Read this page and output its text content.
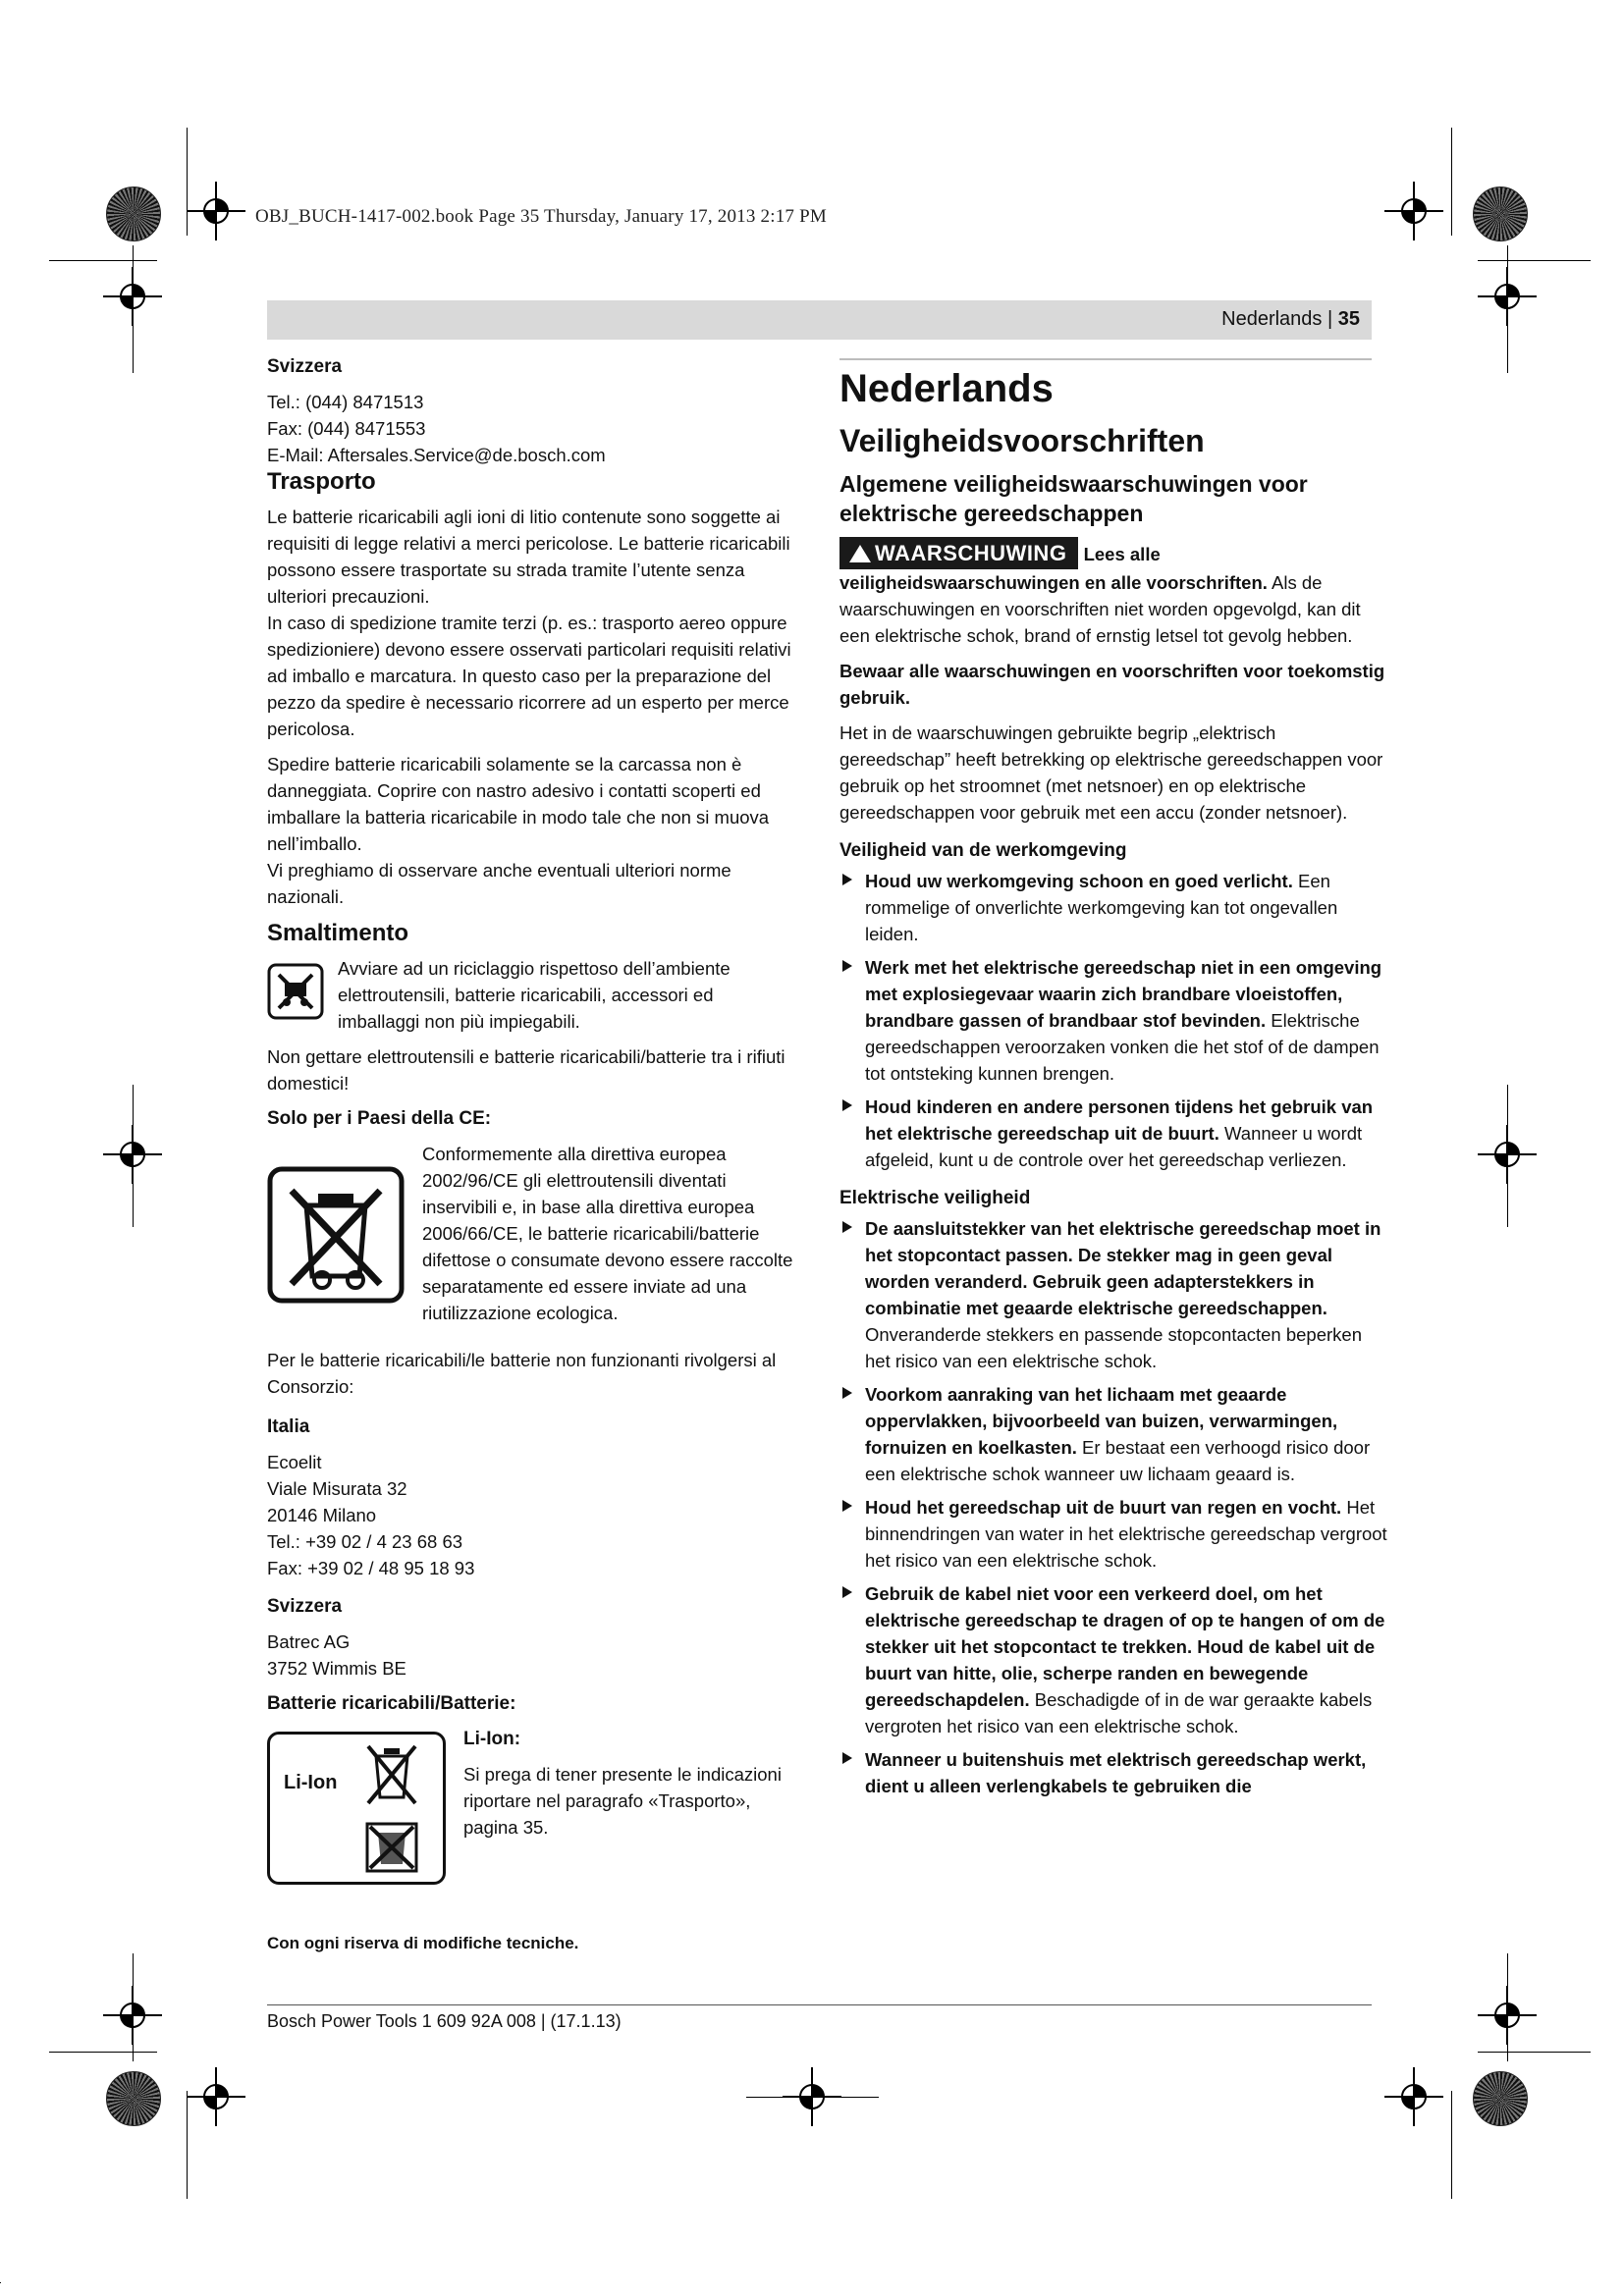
OBJ_BUCH-1417-002.book Page 35 Thursday, January 17, 2013 2:17 PM
Nederlands | 35

Svizzera

Tel.: (044) 8471513

Fax: (044) 8471553

E-Mail: Aftersales.Service@de.bosch.com

Trasporto

Le batterie ricaricabili agli ioni di litio contenute sono soggette ai requisiti di legge relativi a merci pericolose. Le batterie ricaricabili possono essere trasportate su strada tramite l’utente senza ulteriori precauzioni.

In caso di spedizione tramite terzi (p. es.: trasporto aereo oppure spedizioniere) devono essere osservati particolari requisiti relativi ad imballo e marcatura. In questo caso per la preparazione del pezzo da spedire è necessario ricorrere ad un esperto per merce pericolosa.

Spedire batterie ricaricabili solamente se la carcassa non è danneggiata. Coprire con nastro adesivo i contatti scoperti ed imballare la batteria ricaricabile in modo tale che non si muova nell’imballo.

Vi preghiamo di osservare anche eventuali ulteriori norme nazionali.

Smaltimento

Avviare ad un riciclaggio rispettoso dell’ambiente elettroutensili, batterie ricaricabili, accessori ed imballaggi non più impiegabili.

Non gettare elettroutensili e batterie ricaricabili/batterie tra i rifiuti domestici!

Solo per i Paesi della CE:

Conformemente alla direttiva europea 2002/96/CE gli elettroutensili diventati inservibili e, in base alla direttiva europea 2006/66/CE, le batterie ricaricabili/batterie difettose o consumate devono essere raccolte separatamente ed essere inviate ad una riutilizzazione ecologica.

Per le batterie ricaricabili/le batterie non funzionanti rivolgersi al Consorzio:

Italia

Ecoelit

Viale Misurata 32

20146 Milano

Tel.: +39 02 / 4 23 68 63

Fax: +39 02 / 48 95 18 93

Svizzera

Batrec AG

3752 Wimmis BE

Batterie ricaricabili/Batterie:

Li-Ion

Li-Ion:

Si prega di tener presente le indicazioni riportare nel paragrafo «Trasporto», pagina 35.

Con ogni riserva di modifiche tecniche.

Nederlands

Veiligheidsvoorschriften

Algemene veiligheidswaarschuwingen voor elektrische gereedschappen

WAARSCHUWING Lees alle veiligheidswaarschuwingen en alle voorschriften. Als de waarschuwingen en voorschriften niet worden opgevolgd, kan dit een elektrische schok, brand of ernstig letsel tot gevolg hebben.

Bewaar alle waarschuwingen en voorschriften voor toekomstig gebruik.

Het in de waarschuwingen gebruikte begrip „elektrisch gereedschap” heeft betrekking op elektrische gereedschappen voor gebruik op het stroomnet (met netsnoer) en op elektrische gereedschappen voor gebruik met een accu (zonder netsnoer).

Veiligheid van de werkomgeving

Houd uw werkomgeving schoon en goed verlicht. Een rommelige of onverlichte werkomgeving kan tot ongevallen leiden.
Werk met het elektrische gereedschap niet in een omgeving met explosiegevaar waarin zich brandbare vloeistoffen, brandbare gassen of brandbaar stof bevinden. Elektrische gereedschappen veroorzaken vonken die het stof of de dampen tot ontsteking kunnen brengen.
Houd kinderen en andere personen tijdens het gebruik van het elektrische gereedschap uit de buurt. Wanneer u wordt afgeleid, kunt u de controle over het gereedschap verliezen.

Elektrische veiligheid

De aansluitstekker van het elektrische gereedschap moet in het stopcontact passen. De stekker mag in geen geval worden veranderd. Gebruik geen adapterstekkers in combinatie met geaarde elektrische gereedschappen. Onveranderde stekkers en passende stopcontacten beperken het risico van een elektrische schok.
Voorkom aanraking van het lichaam met geaarde oppervlakken, bijvoorbeeld van buizen, verwarmingen, fornuizen en koelkasten. Er bestaat een verhoogd risico door een elektrische schok wanneer uw lichaam geaard is.
Houd het gereedschap uit de buurt van regen en vocht. Het binnendringen van water in het elektrische gereedschap vergroot het risico van een elektrische schok.
Gebruik de kabel niet voor een verkeerd doel, om het elektrische gereedschap te dragen of op te hangen of om de stekker uit het stopcontact te trekken. Houd de kabel uit de buurt van hitte, olie, scherpe randen en bewegende gereedschapdelen. Beschadigde of in de war geraakte kabels vergroten het risico van een elektrische schok.
Wanneer u buitenshuis met elektrisch gereedschap werkt, dient u alleen verlengkabels te gebruiken die
Bosch Power Tools 1 609 92A 008 | (17.1.13)
